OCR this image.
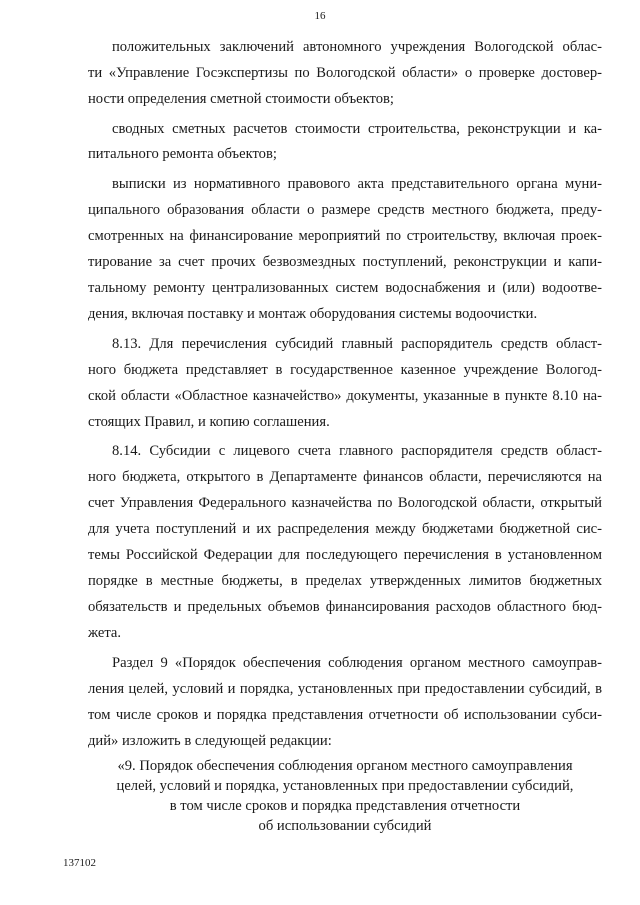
16

положительных заключений автономного учреждения Вологодской облас-

ти «Управление Госэкспертизы по Вологодской области» о проверке достовер-

ности определения сметной стоимости объектов;

сводных сметных расчетов стоимости строительства, реконструкции и ка-

питального ремонта объектов;

выписки из нормативного правового акта представительного органа муни-

ципального образования области о размере средств местного бюджета, преду-

смотренных на финансирование мероприятий по строительству, включая проек-

тирование за счет прочих безвозмездных поступлений, реконструкции и капи-

тальному ремонту централизованных систем водоснабжения и (или) водоотве-

дения, включая поставку и монтаж оборудования системы водоочистки.

8.13. Для перечисления субсидий главный распорядитель средств област-

ного бюджета представляет в государственное казенное учреждение Вологод-

ской области «Областное казначейство» документы, указанные в пункте 8.10 на-

стоящих Правил, и копию соглашения.

8.14. Субсидии с лицевого счета главного распорядителя средств област-

ного бюджета, открытого в Департаменте финансов области, перечисляются на

счет Управления Федерального казначейства по Вологодской области, открытый

для учета поступлений и их распределения между бюджетами бюджетной сис-

темы Российской Федерации для последующего перечисления в установленном

порядке в местные бюджеты, в пределах утвержденных лимитов бюджетных

обязательств и предельных объемов финансирования расходов областного бюд-

жета.

Раздел 9 «Порядок обеспечения соблюдения органом местного самоуправ-

ления целей, условий и порядка, установленных при предоставлении субсидий, в

том числе сроков и порядка представления отчетности об использовании субси-

дий» изложить в следующей редакции:

«9. Порядок обеспечения соблюдения органом местного самоуправления

целей, условий и порядка, установленных при предоставлении субсидий,

в том числе сроков и порядка представления отчетности

об использовании субсидий

137102
